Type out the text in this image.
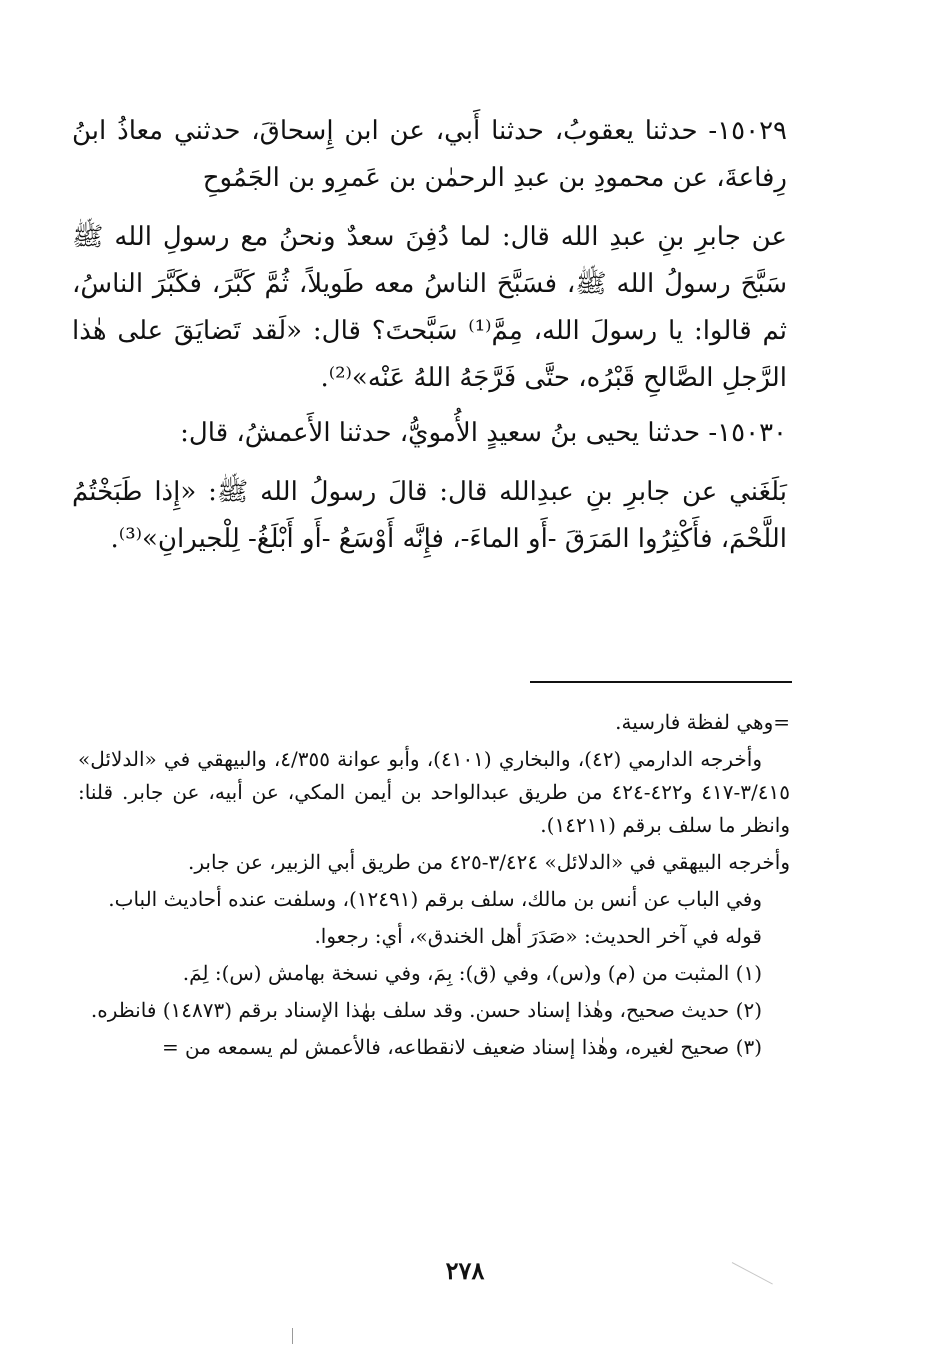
١٥٠٢٩- حدثنا يعقوبُ، حدثنا أَبي، عن ابن إِسحاقَ، حدثني معاذُ ابنُ رِفاعةَ، عن محمودِ بن عبدِ الرحمٰن بن عَمرِو بن الجَمُوحِ

عن جابرِ بنِ عبدِ الله قال: لما دُفِنَ سعدٌ ونحنُ مع رسولِ الله ﷺ سَبَّحَ رسولُ الله ﷺ، فسَبَّحَ الناسُ معه طَويلاً، ثُمَّ كَبَّرَ، فكَبَّرَ الناسُ، ثم قالوا: يا رسولَ الله، مِمَّ⁽¹⁾ سَبَّحتَ؟ قال: «لَقد تَضايَقَ على هٰذا الرَّجلِ الصَّالحِ قَبْرُه، حتَّى فَرَّجَهُ اللهُ عَنْه»⁽²⁾.

١٥٠٣٠- حدثنا يحيى بنُ سعيدٍ الأُمويُّ، حدثنا الأَعمشُ، قال:

بَلَغَني عن جابرِ بنِ عبدِالله قال: قالَ رسولُ الله ﷺ: «إِذا طَبَخْتُمُ اللَّحْمَ، فأَكْثِرُوا المَرَقَ -أَو الماءَ-، فإِنَّه أَوْسَعُ -أَو أَبْلَغُ- لِلْجيرانِ»⁽³⁾.

=وهي لفظة فارسية.

وأخرجه الدارمي (٤٢)، والبخاري (٤١٠١)، وأبو عوانة ٤/٣٥٥، والبيهقي في «الدلائل» ٣/٤١٥-٤١٧ و٤٢٢-٤٢٤ من طريق عبدالواحد بن أيمن المكي، عن أبيه، عن جابر. قلنا: وانظر ما سلف برقم (١٤٢١١).

وأخرجه البيهقي في «الدلائل» ٣/٤٢٤-٤٢٥ من طريق أبي الزبير، عن جابر.

وفي الباب عن أنس بن مالك، سلف برقم (١٢٤٩١)، وسلفت عنده أحاديث الباب.

قوله في آخر الحديث: «صَدَرَ أهل الخندق»، أي: رجعوا.

(١) المثبت من (م) و(س)، وفي (ق): بِمَ، وفي نسخة بهامش (س): لِمَ.

(٢) حديث صحيح، وهٰذا إسناد حسن. وقد سلف بهٰذا الإسناد برقم (١٤٨٧٣) فانظره.

(٣) صحيح لغيره، وهٰذا إسناد ضعيف لانقطاعه، فالأعمش لم يسمعه من =

٢٧٨
